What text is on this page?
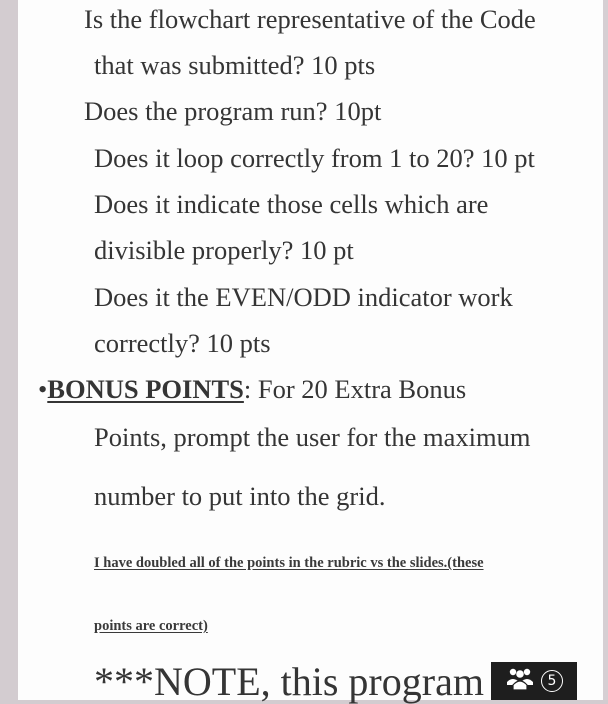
Is the flowchart representative of the Code
that was submitted? 10 pts
Does the program run? 10pt
Does it loop correctly from 1 to 20? 10 pt
Does it indicate those cells which are
divisible properly? 10 pt
Does it the EVEN/ODD indicator work
correctly? 10 pts
•BONUS POINTS: For 20 Extra Bonus
Points, prompt the user for the maximum
number to put into the grid.
I have doubled all of the points in the rubric vs the slides.(these
points are correct)
***NOTE, this program	5
